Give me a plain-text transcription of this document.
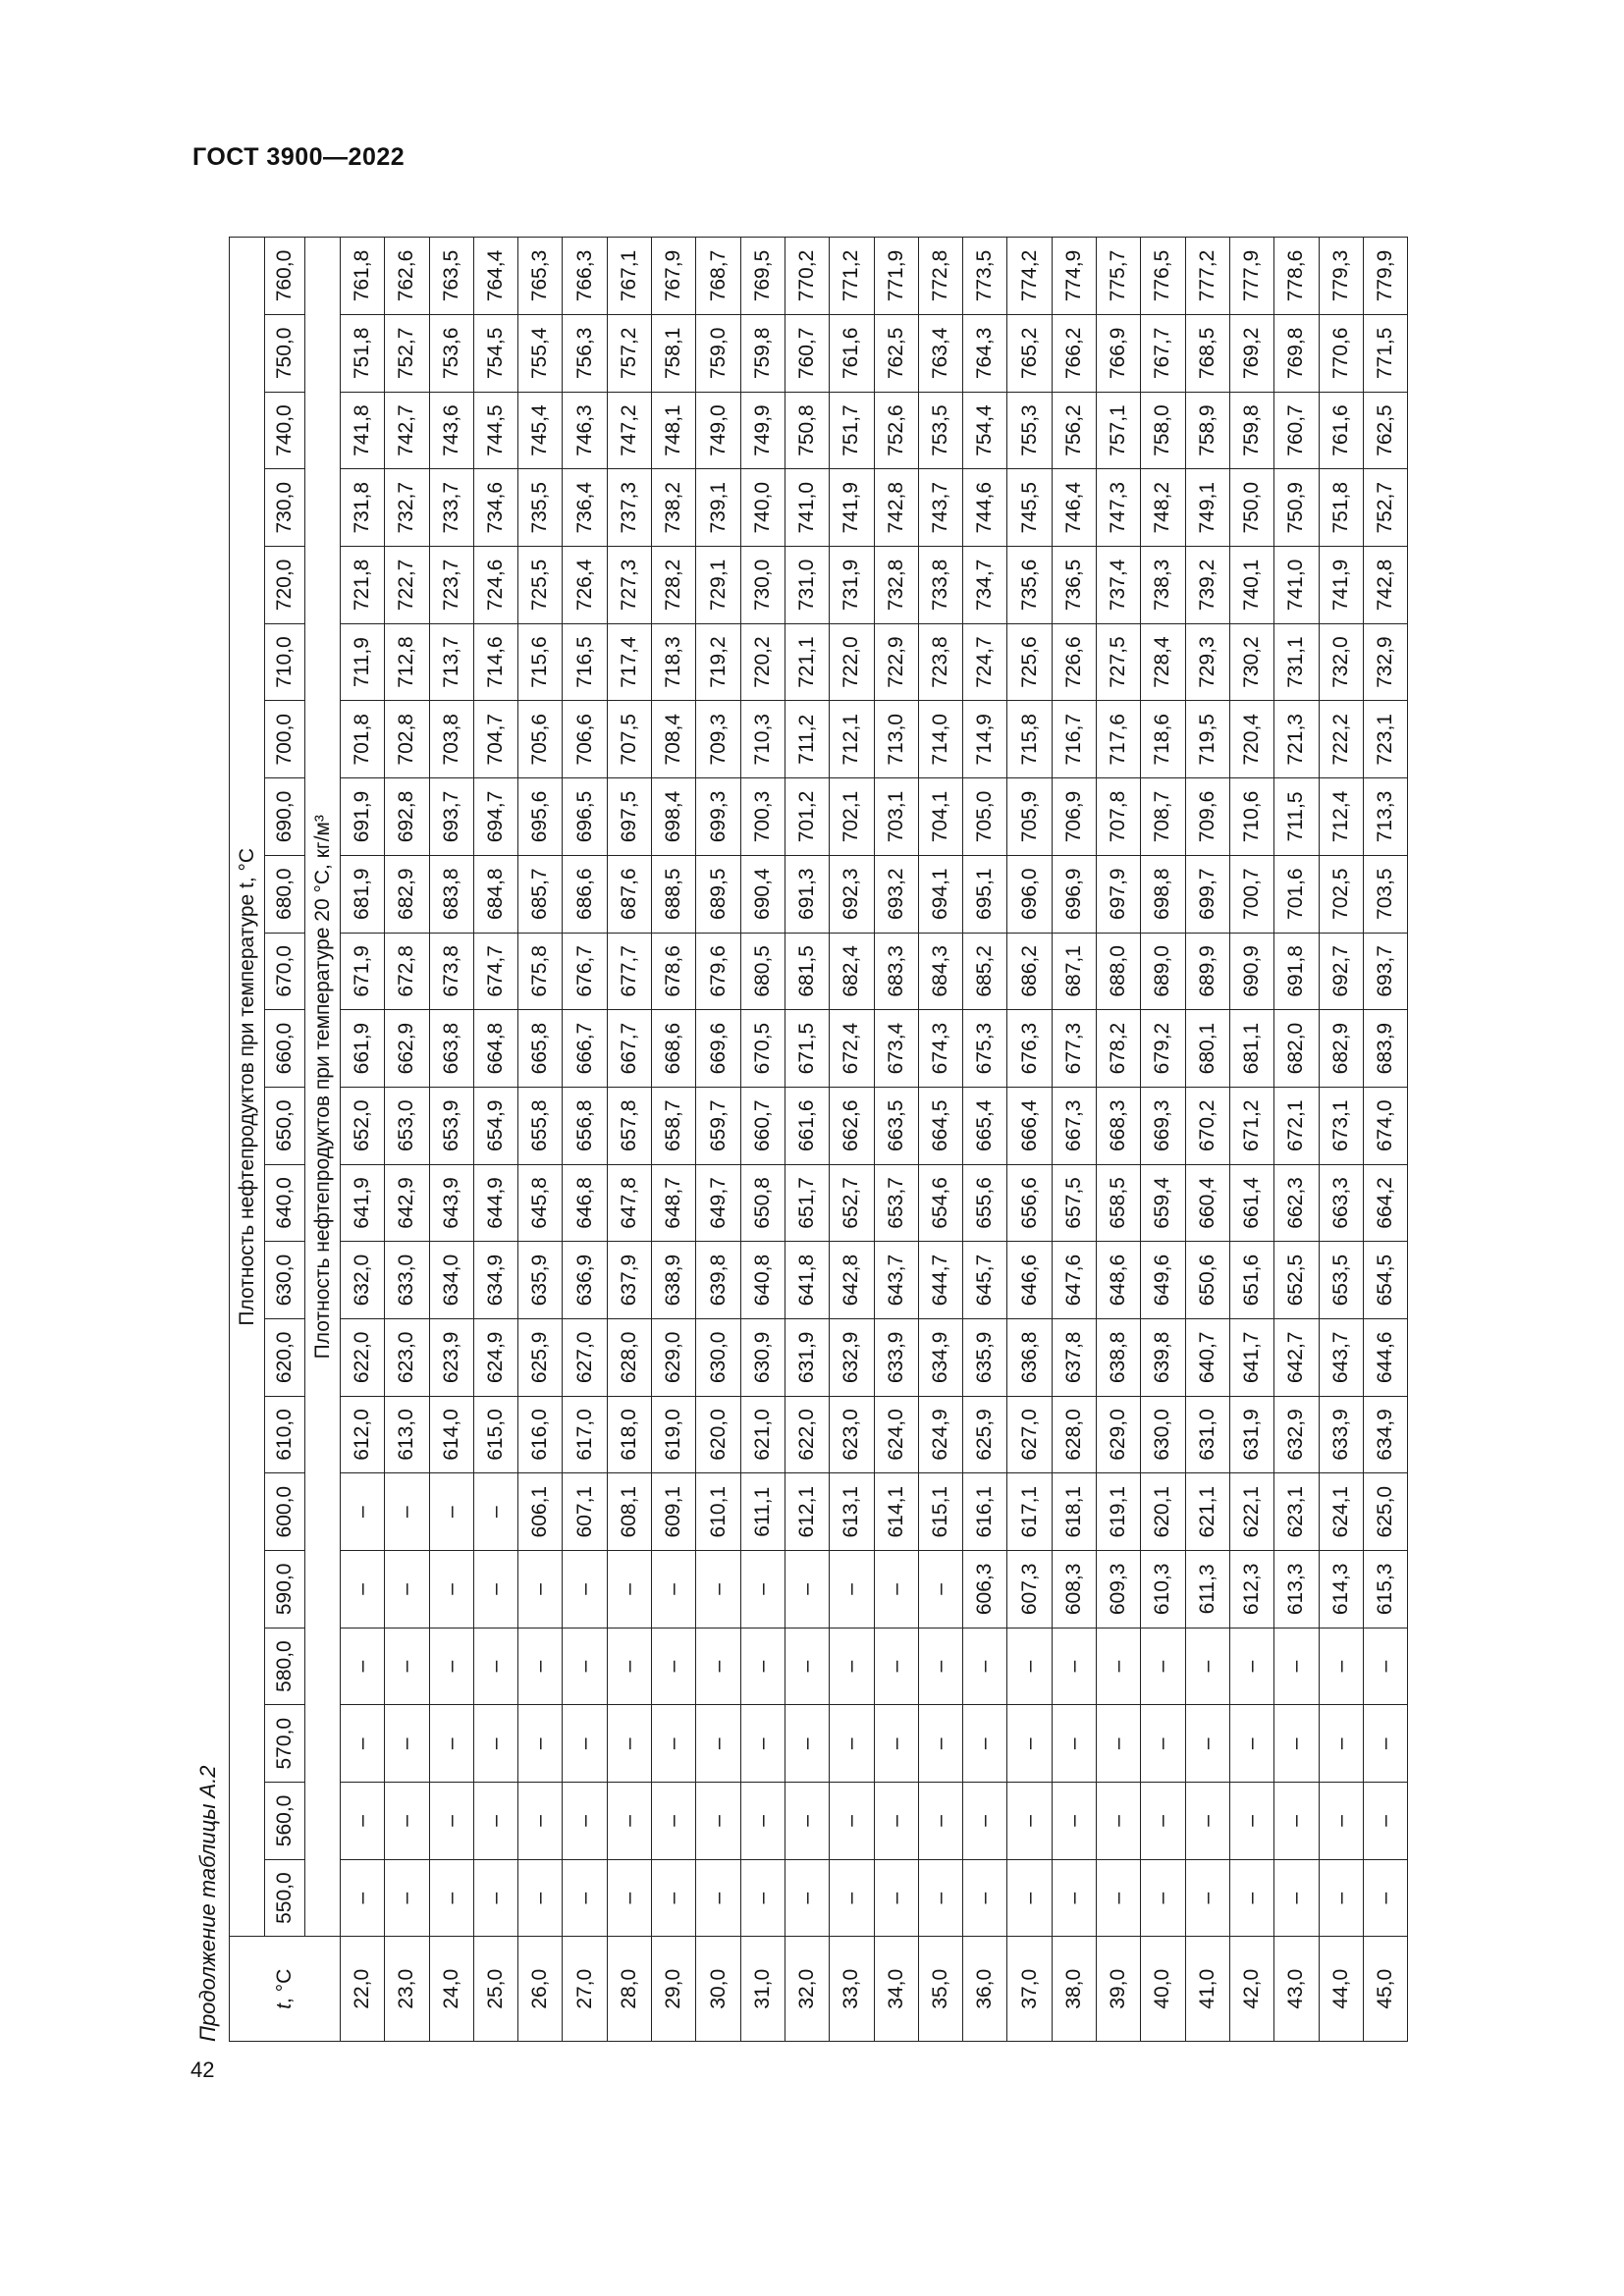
ГОСТ 3900—2022
Продолжение таблицы А.2	t, °C	Плотность нефтепродуктов при температуре t, °C																					
	550,0	560,0	570,0	580,0	590,0	600,0	610,0	620,0	630,0	640,0	650,0	660,0	670,0	680,0	690,0	700,0	710,0	720,0	730,0	740,0	750,0	760,0
	Плотность нефтепродуктов при температуре 20 °C, кг/м³																					
22,0	–	–	–	–	–	–	612,0	622,0	632,0	641,9	652,0	661,9	671,9	681,9	691,9	701,8	711,9	721,8	731,8	741,8	751,8	761,8
23,0	–	–	–	–	–	–	613,0	623,0	633,0	642,9	653,0	662,9	672,8	682,9	692,8	702,8	712,8	722,7	732,7	742,7	752,7	762,6
24,0	–	–	–	–	–	–	614,0	623,9	634,0	643,9	653,9	663,8	673,8	683,8	693,7	703,8	713,7	723,7	733,7	743,6	753,6	763,5
25,0	–	–	–	–	–	–	615,0	624,9	634,9	644,9	654,9	664,8	674,7	684,8	694,7	704,7	714,6	724,6	734,6	744,5	754,5	764,4
26,0	–	–	–	–	–	606,1	616,0	625,9	635,9	645,8	655,8	665,8	675,8	685,7	695,6	705,6	715,6	725,5	735,5	745,4	755,4	765,3
27,0	–	–	–	–	–	607,1	617,0	627,0	636,9	646,8	656,8	666,7	676,7	686,6	696,5	706,6	716,5	726,4	736,4	746,3	756,3	766,3
28,0	–	–	–	–	–	608,1	618,0	628,0	637,9	647,8	657,8	667,7	677,7	687,6	697,5	707,5	717,4	727,3	737,3	747,2	757,2	767,1
29,0	–	–	–	–	–	609,1	619,0	629,0	638,9	648,7	658,7	668,6	678,6	688,5	698,4	708,4	718,3	728,2	738,2	748,1	758,1	767,9
30,0	–	–	–	–	–	610,1	620,0	630,0	639,8	649,7	659,7	669,6	679,6	689,5	699,3	709,3	719,2	729,1	739,1	749,0	759,0	768,7
31,0	–	–	–	–	–	611,1	621,0	630,9	640,8	650,8	660,7	670,5	680,5	690,4	700,3	710,3	720,2	730,0	740,0	749,9	759,8	769,5
32,0	–	–	–	–	–	612,1	622,0	631,9	641,8	651,7	661,6	671,5	681,5	691,3	701,2	711,2	721,1	731,0	741,0	750,8	760,7	770,2
33,0	–	–	–	–	–	613,1	623,0	632,9	642,8	652,7	662,6	672,4	682,4	692,3	702,1	712,1	722,0	731,9	741,9	751,7	761,6	771,2
34,0	–	–	–	–	–	614,1	624,0	633,9	643,7	653,7	663,5	673,4	683,3	693,2	703,1	713,0	722,9	732,8	742,8	752,6	762,5	771,9
35,0	–	–	–	–	–	615,1	624,9	634,9	644,7	654,6	664,5	674,3	684,3	694,1	704,1	714,0	723,8	733,8	743,7	753,5	763,4	772,8
36,0	–	–	–	–	606,3	616,1	625,9	635,9	645,7	655,6	665,4	675,3	685,2	695,1	705,0	714,9	724,7	734,7	744,6	754,4	764,3	773,5
37,0	–	–	–	–	607,3	617,1	627,0	636,8	646,6	656,6	666,4	676,3	686,2	696,0	705,9	715,8	725,6	735,6	745,5	755,3	765,2	774,2
38,0	–	–	–	–	608,3	618,1	628,0	637,8	647,6	657,5	667,3	677,3	687,1	696,9	706,9	716,7	726,6	736,5	746,4	756,2	766,2	774,9
39,0	–	–	–	–	609,3	619,1	629,0	638,8	648,6	658,5	668,3	678,2	688,0	697,9	707,8	717,6	727,5	737,4	747,3	757,1	766,9	775,7
40,0	–	–	–	–	610,3	620,1	630,0	639,8	649,6	659,4	669,3	679,2	689,0	698,8	708,7	718,6	728,4	738,3	748,2	758,0	767,7	776,5
41,0	–	–	–	–	611,3	621,1	631,0	640,7	650,6	660,4	670,2	680,1	689,9	699,7	709,6	719,5	729,3	739,2	749,1	758,9	768,5	777,2
42,0	–	–	–	–	612,3	622,1	631,9	641,7	651,6	661,4	671,2	681,1	690,9	700,7	710,6	720,4	730,2	740,1	750,0	759,8	769,2	777,9
43,0	–	–	–	–	613,3	623,1	632,9	642,7	652,5	662,3	672,1	682,0	691,8	701,6	711,5	721,3	731,1	741,0	750,9	760,7	769,8	778,6
44,0	–	–	–	–	614,3	624,1	633,9	643,7	653,5	663,3	673,1	682,9	692,7	702,5	712,4	722,2	732,0	741,9	751,8	761,6	770,6	779,3
45,0	–	–	–	–	615,3	625,0	634,9	644,6	654,5	664,2	674,0	683,9	693,7	703,5	713,3	723,1	732,9	742,8	752,7	762,5	771,5	779,9
42
